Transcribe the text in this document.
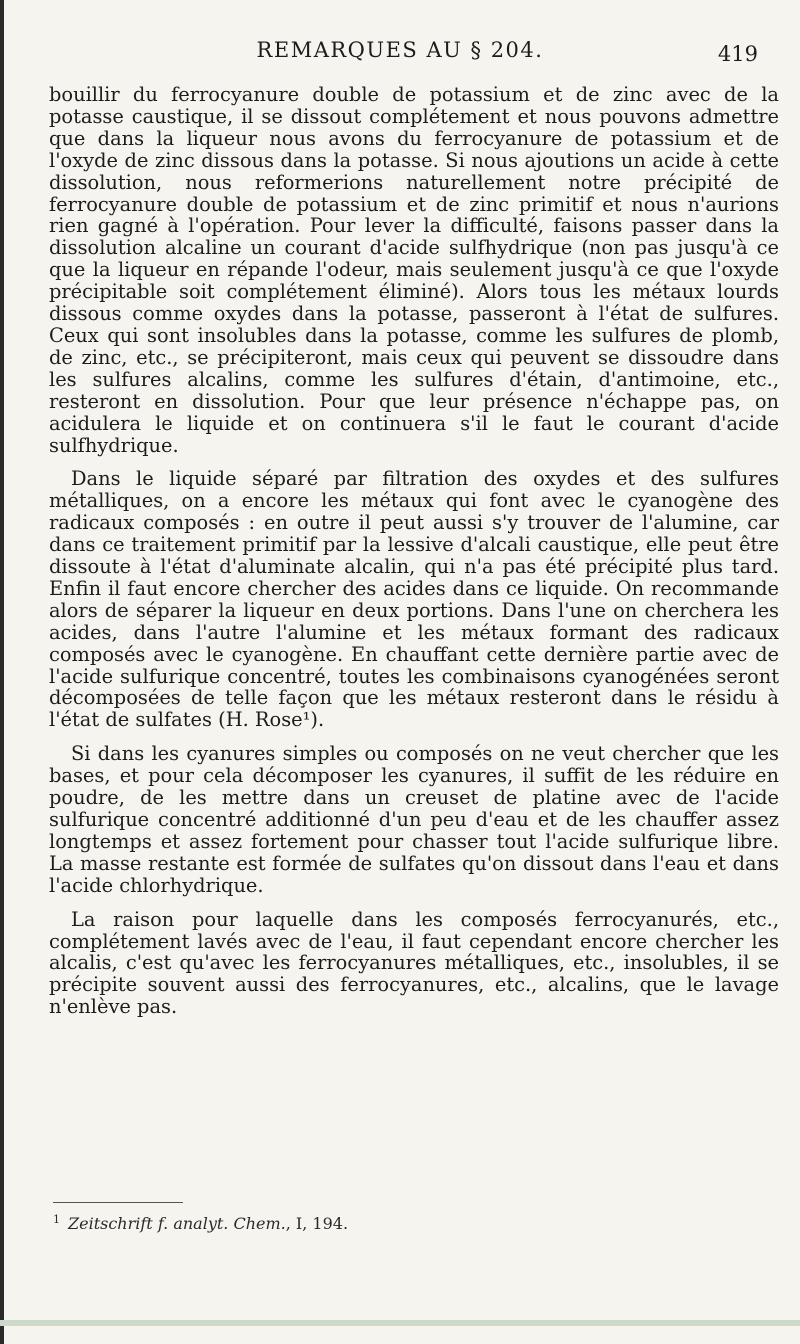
REMARQUES AU § 204.	419

bouillir du ferrocyanure double de potassium et de zinc avec de la potasse caustique, il se dissout complétement et nous pouvons admettre que dans la liqueur nous avons du ferrocyanure de potassium et de l'oxyde de zinc dissous dans la potasse. Si nous ajoutions un acide à cette dissolution, nous reformerions naturellement notre précipité de ferrocyanure double de potassium et de zinc primitif et nous n'aurions rien gagné à l'opération. Pour lever la difficulté, faisons passer dans la dissolution alcaline un courant d'acide sulfhydrique (non pas jusqu'à ce que la liqueur en répande l'odeur, mais seulement jusqu'à ce que l'oxyde précipitable soit complétement éliminé). Alors tous les métaux lourds dissous comme oxydes dans la potasse, passeront à l'état de sulfures. Ceux qui sont insolubles dans la potasse, comme les sulfures de plomb, de zinc, etc., se précipiteront, mais ceux qui peuvent se dissoudre dans les sulfures alcalins, comme les sulfures d'étain, d'antimoine, etc., resteront en dissolution. Pour que leur présence n'échappe pas, on acidulera le liquide et on continuera s'il le faut le courant d'acide sulfhydrique.

Dans le liquide séparé par filtration des oxydes et des sulfures métalliques, on a encore les métaux qui font avec le cyanogène des radicaux composés : en outre il peut aussi s'y trouver de l'alumine, car dans ce traitement primitif par la lessive d'alcali caustique, elle peut être dissoute à l'état d'aluminate alcalin, qui n'a pas été précipité plus tard. Enfin il faut encore chercher des acides dans ce liquide. On recommande alors de séparer la liqueur en deux portions. Dans l'une on cherchera les acides, dans l'autre l'alumine et les métaux formant des radicaux composés avec le cyanogène. En chauffant cette dernière partie avec de l'acide sulfurique concentré, toutes les combinaisons cyanogénées seront décomposées de telle façon que les métaux resteront dans le résidu à l'état de sulfates (H. Rose¹).

Si dans les cyanures simples ou composés on ne veut chercher que les bases, et pour cela décomposer les cyanures, il suffit de les réduire en poudre, de les mettre dans un creuset de platine avec de l'acide sulfurique concentré additionné d'un peu d'eau et de les chauffer assez longtemps et assez fortement pour chasser tout l'acide sulfurique libre. La masse restante est formée de sulfates qu'on dissout dans l'eau et dans l'acide chlorhydrique.

La raison pour laquelle dans les composés ferrocyanurés, etc., complétement lavés avec de l'eau, il faut cependant encore chercher les alcalis, c'est qu'avec les ferrocyanures métalliques, etc., insolubles, il se précipite souvent aussi des ferrocyanures, etc., alcalins, que le lavage n'enlève pas.

$^1$ Zeitschrift f. analyt. Chem., I, 194.
